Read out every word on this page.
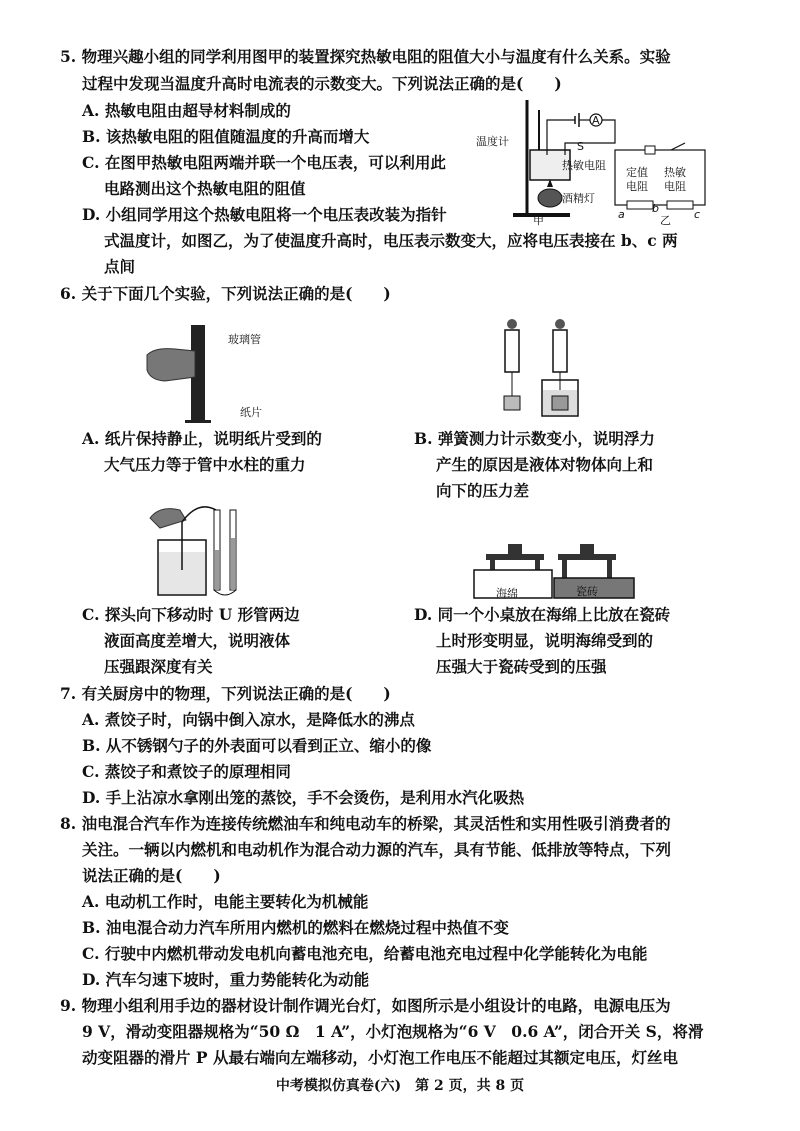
5. 物理兴趣小组的同学利用图甲的装置探究热敏电阻的阻值大小与温度有什么关系。实验
过程中发现当温度升高时电流表的示数变大。下列说法正确的是(　　)
A. 热敏电阻由超导材料制成的
B. 该热敏电阻的阻值随温度的升高而增大
C. 在图甲热敏电阻两端并联一个电压表，可以利用此
电路测出这个热敏电阻的阻值
D. 小组同学用这个热敏电阻将一个电压表改装为指针
式温度计，如图乙，为了使温度升高时，电压表示数变大，应将电压表接在 b、c 两
点间
温度计
A
S
热敏电阻
酒精灯
甲
定值电阻
热敏电阻
乙
a b	c
6. 关于下面几个实验，下列说法正确的是(　　)
玻璃管
纸片
A. 纸片保持静止，说明纸片受到的
大气压力等于管中水柱的重力
B. 弹簧测力计示数变小，说明浮力
产生的原因是液体对物体向上和
向下的压力差
海绵	瓷砖
C. 探头向下移动时 U 形管两边
液面高度差增大，说明液体
压强跟深度有关
D. 同一个小桌放在海绵上比放在瓷砖
上时形变明显，说明海绵受到的
压强大于瓷砖受到的压强
7. 有关厨房中的物理，下列说法正确的是(　　)
A. 煮饺子时，向锅中倒入凉水，是降低水的沸点
B. 从不锈钢勺子的外表面可以看到正立、缩小的像
C. 蒸饺子和煮饺子的原理相同
D. 手上沾凉水拿刚出笼的蒸饺，手不会烫伤，是利用水汽化吸热
8. 油电混合汽车作为连接传统燃油车和纯电动车的桥梁，其灵活性和实用性吸引消费者的
关注。一辆以内燃机和电动机作为混合动力源的汽车，具有节能、低排放等特点，下列
说法正确的是(　　)
A. 电动机工作时，电能主要转化为机械能
B. 油电混合动力汽车所用内燃机的燃料在燃烧过程中热值不变
C. 行驶中内燃机带动发电机向蓄电池充电，给蓄电池充电过程中化学能转化为电能
D. 汽车匀速下坡时，重力势能转化为动能
9. 物理小组利用手边的器材设计制作调光台灯，如图所示是小组设计的电路，电源电压为
9 V，滑动变阻器规格为“50 Ω　1 A”，小灯泡规格为“6 V　0.6 A”，闭合开关 S，将滑
动变阻器的滑片 P 从最右端向左端移动，小灯泡工作电压不能超过其额定电压，灯丝电
中考模拟仿真卷(六)　第 2 页，共 8 页
